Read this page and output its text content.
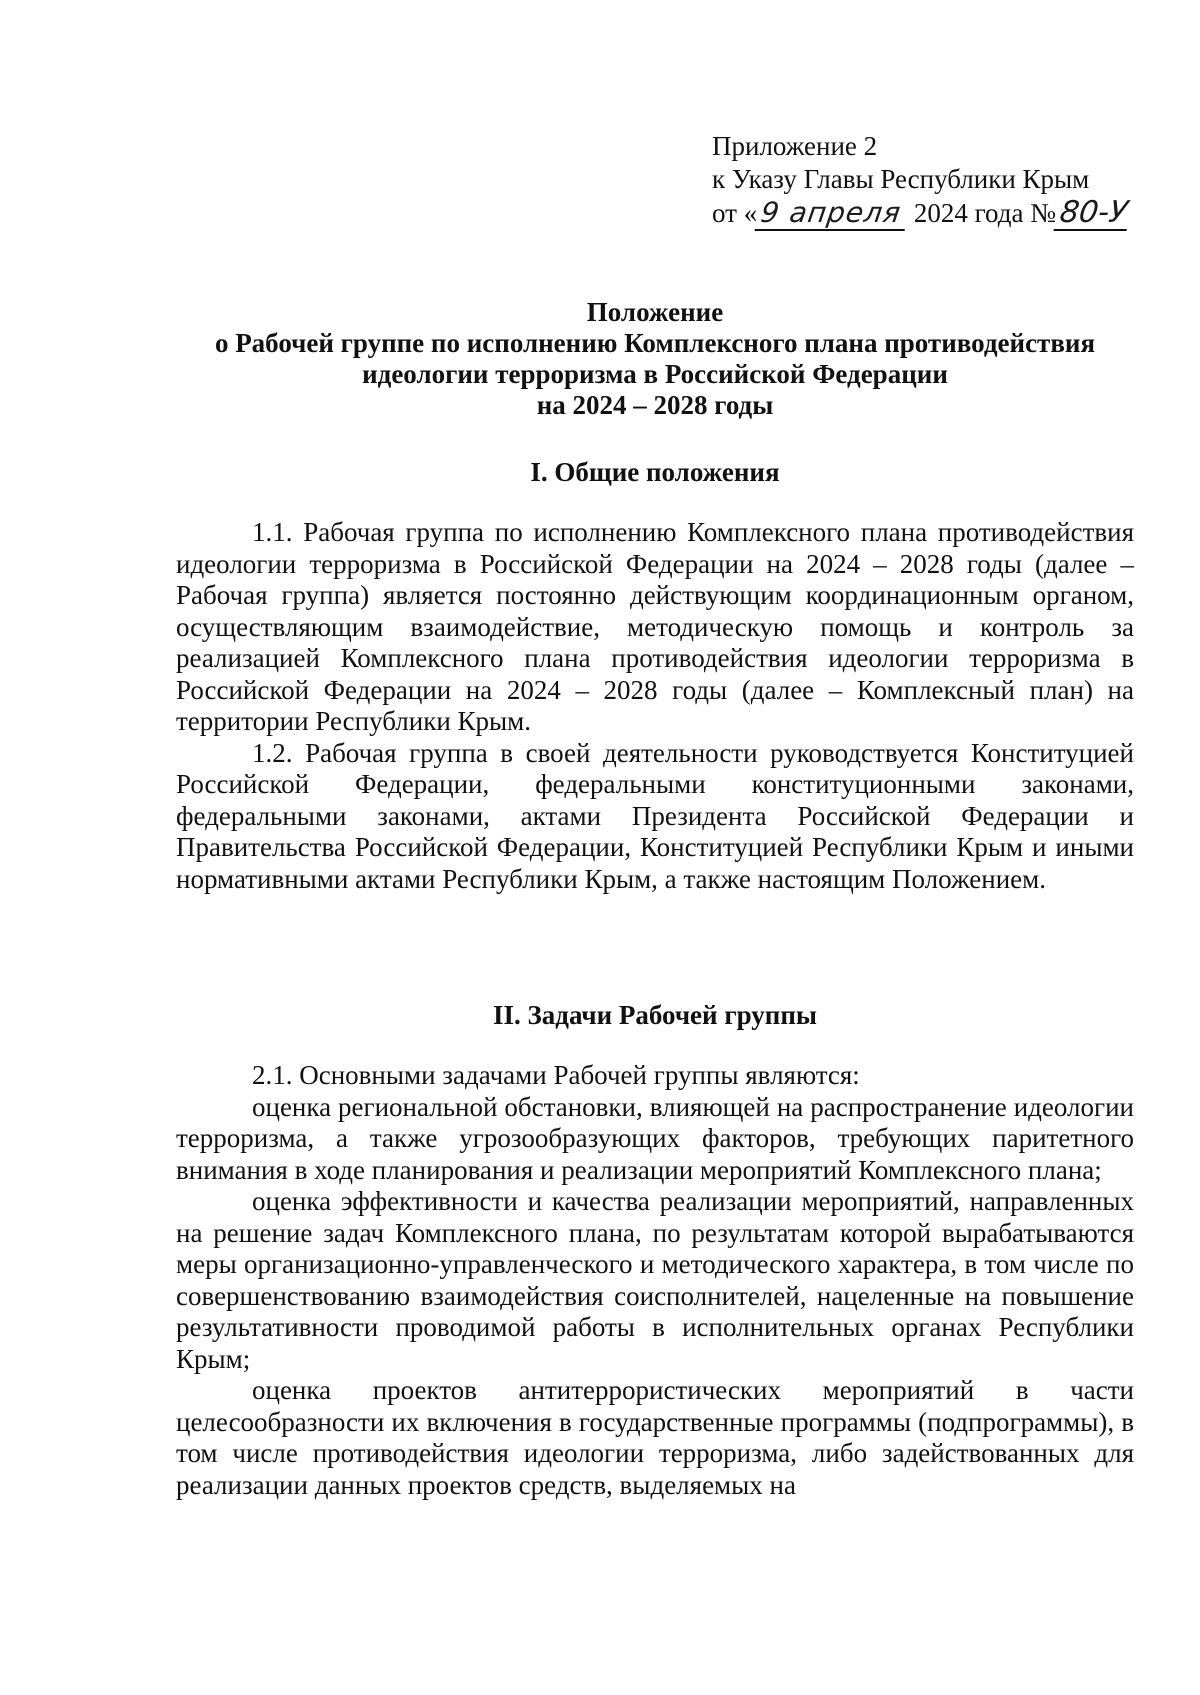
Приложение 2
к Указу Главы Республики Крым
от «9 апреля 2024 года №80-У
Положение
о Рабочей группе по исполнению Комплексного плана противодействия
идеологии терроризма в Российской Федерации
на 2024 – 2028 годы
I. Общие положения

1.1. Рабочая группа по исполнению Комплексного плана противодействия идеологии терроризма в Российской Федерации на 2024 – 2028 годы (далее – Рабочая группа) является постоянно действующим координационным органом, осуществляющим взаимодействие, методическую помощь и контроль за реализацией Комплексного плана противодействия идеологии терроризма в Российской Федерации на 2024 – 2028 годы (далее – Комплексный план) на территории Республики Крым.

1.2. Рабочая группа в своей деятельности руководствуется Конституцией Российской Федерации, федеральными конституционными законами, федеральными законами, актами Президента Российской Федерации и Правительства Российской Федерации, Конституцией Республики Крым и иными нормативными актами Республики Крым, а также настоящим Положением.

II. Задачи Рабочей группы

2.1. Основными задачами Рабочей группы являются:

оценка региональной обстановки, влияющей на распространение идеологии терроризма, а также угрозообразующих факторов, требующих паритетного внимания в ходе планирования и реализации мероприятий Комплексного плана;

оценка эффективности и качества реализации мероприятий, направленных на решение задач Комплексного плана, по результатам которой вырабатываются меры организационно-управленческого и методического характера, в том числе по совершенствованию взаимодействия соисполнителей, нацеленные на повышение результативности проводимой работы в исполнительных органах Республики Крым;

оценка проектов антитеррористических мероприятий в части целесообразности их включения в государственные программы (подпрограммы), в том числе противодействия идеологии терроризма, либо задействованных для реализации данных проектов средств, выделяемых на
